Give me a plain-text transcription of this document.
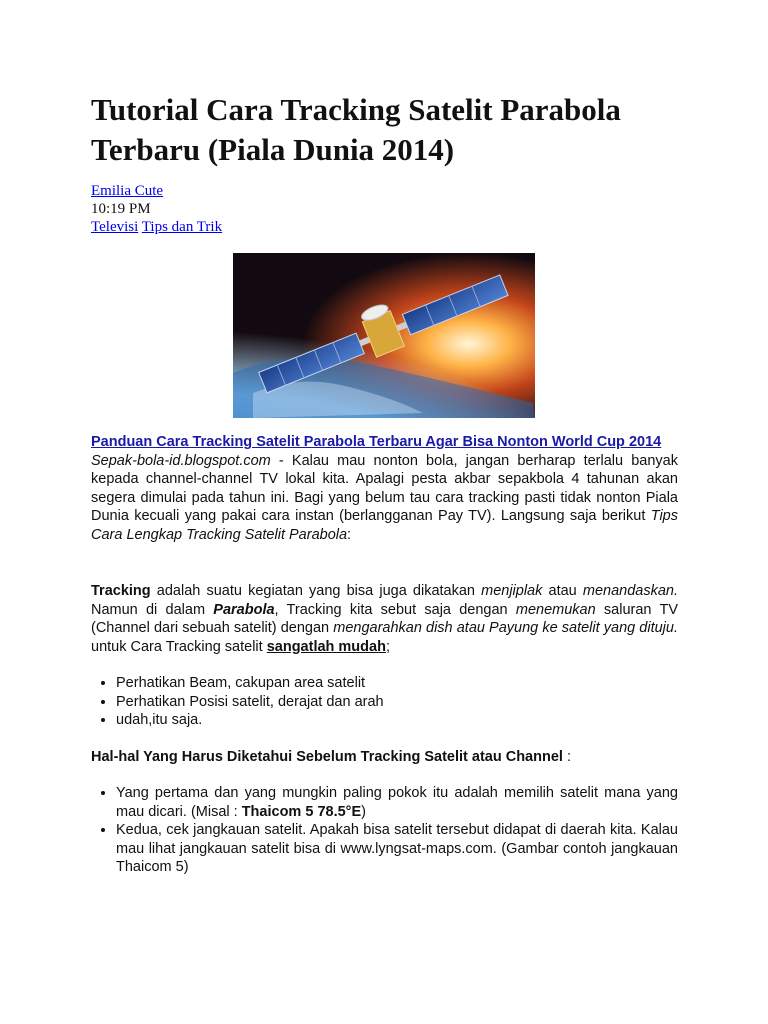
Tutorial Cara Tracking Satelit Parabola Terbaru (Piala Dunia 2014)
Emilia Cute
10:19 PM
Televisi Tips dan Trik

Panduan Cara Tracking Satelit Parabola Terbaru Agar Bisa Nonton World Cup 2014
Sepak-bola-id.blogspot.com - Kalau mau nonton bola, jangan berharap terlalu banyak kepada channel-channel TV lokal kita. Apalagi pesta akbar sepakbola 4 tahunan akan segera dimulai pada tahun ini. Bagi yang belum tau cara tracking pasti tidak nonton Piala Dunia kecuali yang pakai cara instan (berlangganan Pay TV). Langsung saja berikut Tips Cara Lengkap Tracking Satelit Parabola:

Tracking adalah suatu kegiatan yang bisa juga dikatakan menjiplak atau menandaskan. Namun di dalam Parabola, Tracking kita sebut saja dengan menemukan saluran TV (Channel dari sebuah satelit) dengan mengarahkan dish atau Payung ke satelit yang dituju. untuk Cara Tracking satelit sangatlah mudah;

• Perhatikan Beam, cakupan area satelit
• Perhatikan Posisi satelit, derajat dan arah
• udah,itu saja.

Hal-hal Yang Harus Diketahui Sebelum Tracking Satelit atau Channel :

• Yang pertama dan yang mungkin paling pokok itu adalah memilih satelit mana yang mau dicari. (Misal : Thaicom 5 78.5°E)
• Kedua, cek jangkauan satelit. Apakah bisa satelit tersebut didapat di daerah kita. Kalau mau lihat jangkauan satelit bisa di www.lyngsat-maps.com. (Gambar contoh jangkauan Thaicom 5)
